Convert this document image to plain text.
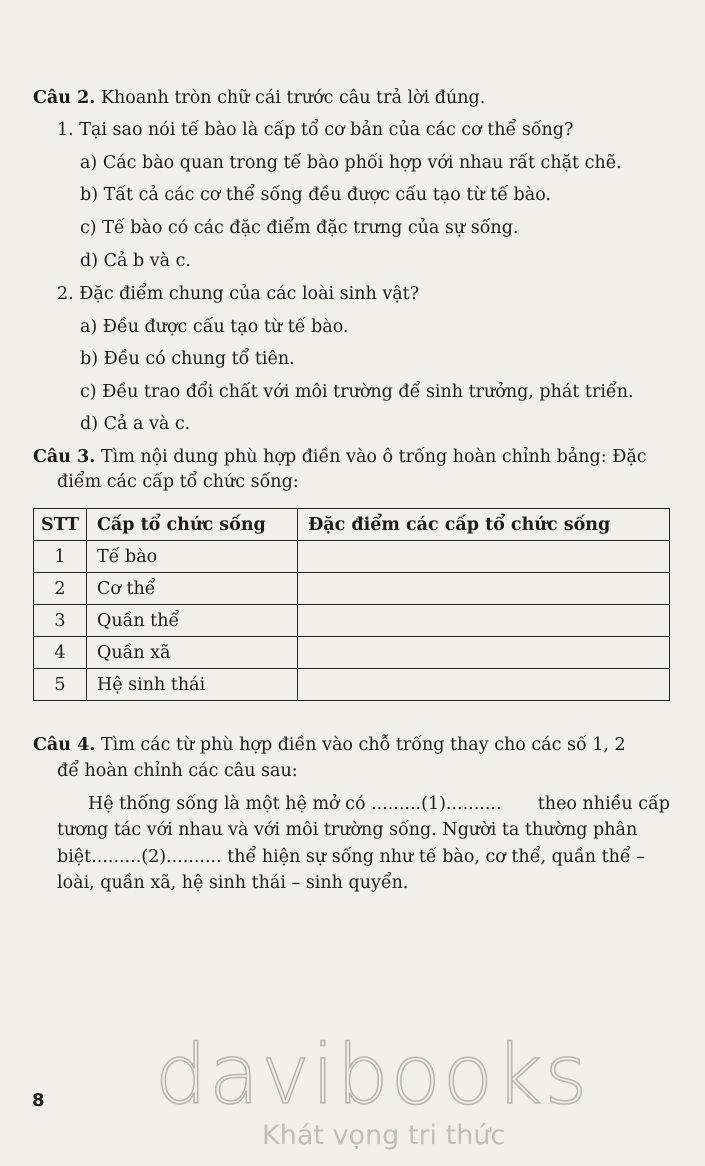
Câu 2. Khoanh tròn chữ cái trước câu trả lời đúng.
1. Tại sao nói tế bào là cấp tổ cơ bản của các cơ thể sống?
a) Các bào quan trong tế bào phối hợp với nhau rất chặt chẽ.
b) Tất cả các cơ thể sống đều được cấu tạo từ tế bào.
c) Tế bào có các đặc điểm đặc trưng của sự sống.
d) Cả b và c.
2. Đặc điểm chung của các loài sinh vật?
a) Đều được cấu tạo từ tế bào.
b) Đều có chung tổ tiên.
c) Đều trao đổi chất với môi trường để sinh trưởng, phát triển.
d) Cả a và c.
Câu 3. Tìm nội dung phù hợp điền vào ô trống hoàn chỉnh bảng: Đặc
điểm các cấp tổ chức sống:
STT	Cấp tổ chức sống	Đặc điểm các cấp tổ chức sống
1	Tế bào	
2	Cơ thể	
3	Quần thể	
4	Quần xã	
5	Hệ sinh thái	
Câu 4. Tìm các từ phù hợp điền vào chỗ trống thay cho các số 1, 2
để hoàn chỉnh các câu sau:
Hệ thống sống là một hệ mở có .........(1).......... theo nhiều cấp
tương tác với nhau và với môi trường sống. Người ta thường phân
biệt.........(2).......... thể hiện sự sống như tế bào, cơ thể, quần thể –
loài, quần xã, hệ sinh thái – sinh quyển.
8 davibooks
Khát vọng tri thức
